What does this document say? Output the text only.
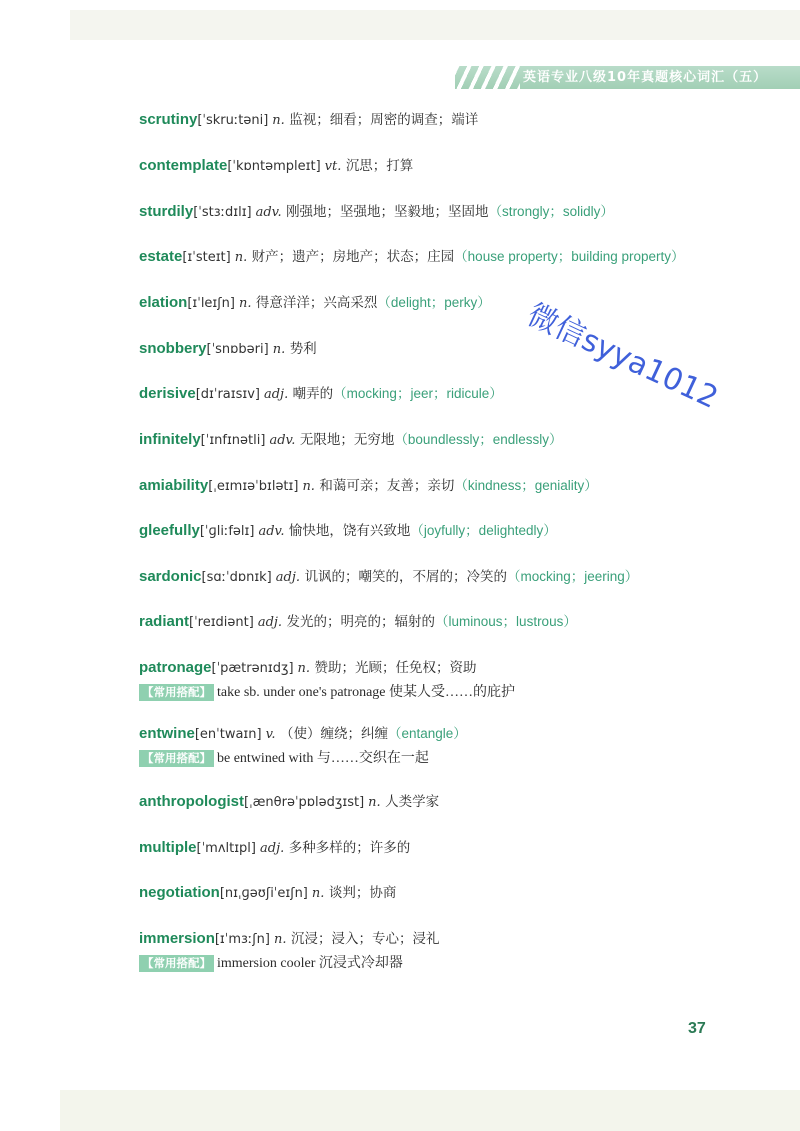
英语专业八级10年真题核心词汇（五）
微信syya1012
scrutiny[ˈskruːtəni] n. 监视；细看；周密的调查；端详
contemplate[ˈkɒntəmpleɪt] vt. 沉思；打算
sturdily[ˈstɜːdɪlɪ] adv. 刚强地；坚强地；坚毅地；坚固地（strongly；solidly）
estate[ɪˈsteɪt] n. 财产；遗产；房地产；状态；庄园（house property；building property）
elation[ɪˈleɪʃn] n. 得意洋洋；兴高采烈（delight；perky）
snobbery[ˈsnɒbəri] n. 势利
derisive[dɪˈraɪsɪv] adj. 嘲弄的（mocking；jeer；ridicule）
infinitely[ˈɪnfɪnətli] adv. 无限地；无穷地（boundlessly；endlessly）
amiability[ˌeɪmɪəˈbɪlətɪ] n. 和蔼可亲；友善；亲切（kindness；geniality）
gleefully[ˈɡliːfəlɪ] adv. 愉快地，饶有兴致地（joyfully；delightedly）
sardonic[sɑːˈdɒnɪk] adj. 讥讽的；嘲笑的，不屑的；冷笑的（mocking；jeering）
radiant[ˈreɪdiənt] adj. 发光的；明亮的；辐射的（luminous；lustrous）
patronage[ˈpætrənɪdʒ] n. 赞助；光顾；任免权；资助
【常用搭配】 take sb. under one's patronage 使某人受……的庇护
entwine[enˈtwaɪn] v. （使）缠绕；纠缠（entangle）
【常用搭配】 be entwined with 与……交织在一起
anthropologist[ˌænθrəˈpɒlədʒɪst] n. 人类学家
multiple[ˈmʌltɪpl] adj. 多种多样的；许多的
negotiation[nɪˌɡəʊʃiˈeɪʃn] n. 谈判；协商
immersion[ɪˈmɜːʃn] n. 沉浸；浸入；专心；浸礼
【常用搭配】 immersion cooler 沉浸式冷却器
37
